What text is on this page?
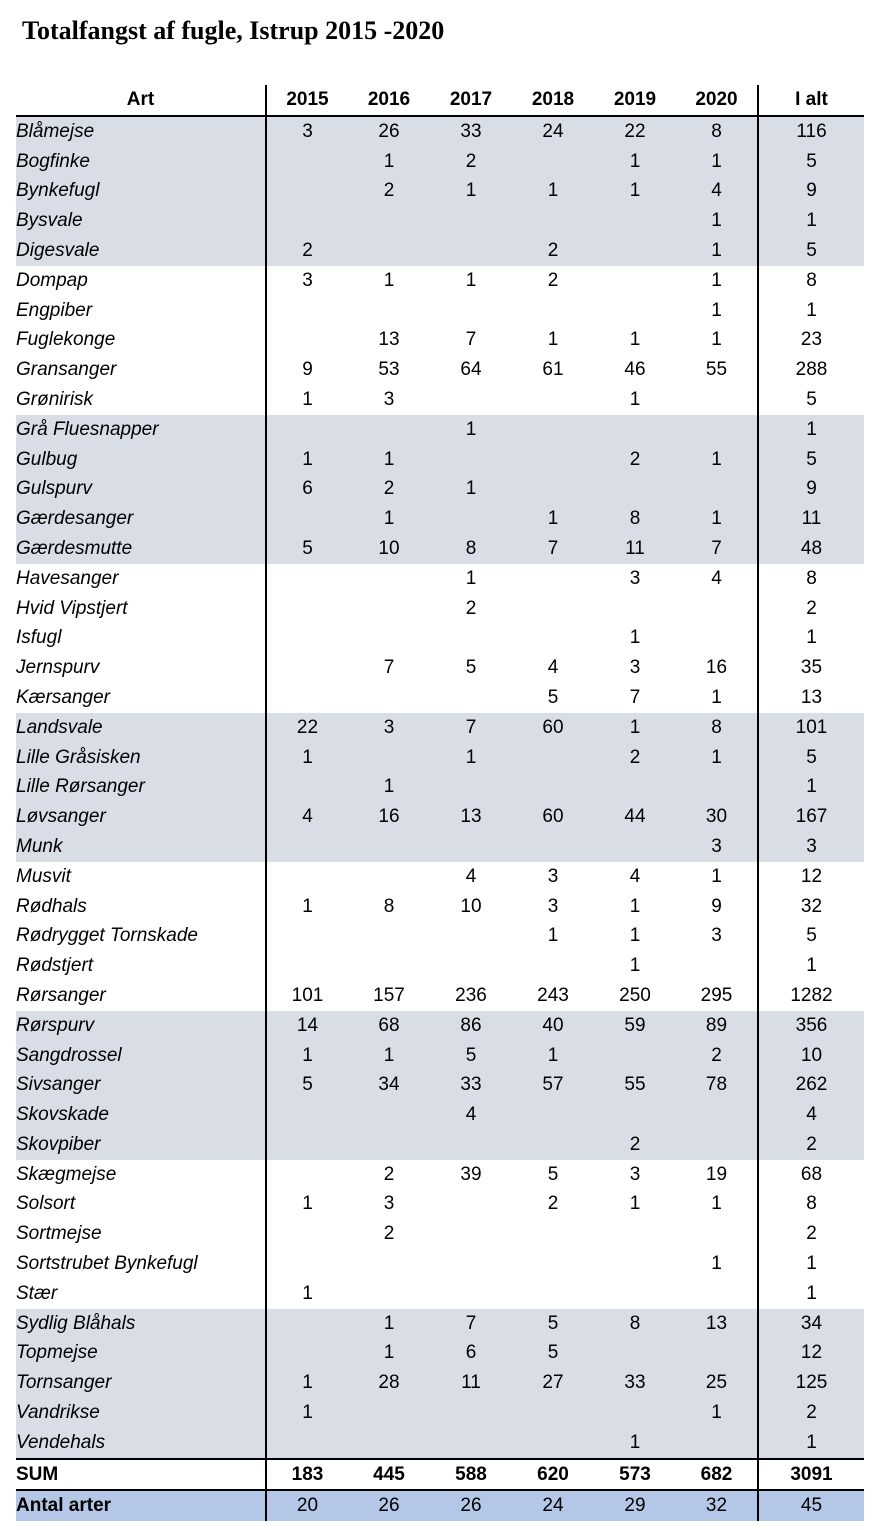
Totalfangst af fugle, Istrup 2015 -2020
Art	2015	2016	2017	2018	2019	2020	I alt
Blåmejse	3	26	33	24	22	8	116
Bogfinke		1	2		1	1	5
Bynkefugl		2	1	1	1	4	9
Bysvale						1	1
Digesvale	2			2		1	5
Dompap	3	1	1	2		1	8
Engpiber						1	1
Fuglekonge		13	7	1	1	1	23
Gransanger	9	53	64	61	46	55	288
Grønirisk	1	3			1		5
Grå Fluesnapper			1				1
Gulbug	1	1			2	1	5
Gulspurv	6	2	1				9
Gærdesanger		1		1	8	1	11
Gærdesmutte	5	10	8	7	11	7	48
Havesanger			1		3	4	8
Hvid Vipstjert			2				2
Isfugl					1		1
Jernspurv		7	5	4	3	16	35
Kærsanger				5	7	1	13
Landsvale	22	3	7	60	1	8	101
Lille Gråsisken	1		1		2	1	5
Lille Rørsanger		1					1
Løvsanger	4	16	13	60	44	30	167
Munk						3	3
Musvit			4	3	4	1	12
Rødhals	1	8	10	3	1	9	32
Rødrygget Tornskade				1	1	3	5
Rødstjert					1		1
Rørsanger	101	157	236	243	250	295	1282
Rørspurv	14	68	86	40	59	89	356
Sangdrossel	1	1	5	1		2	10
Sivsanger	5	34	33	57	55	78	262
Skovskade			4				4
Skovpiber					2		2
Skægmejse		2	39	5	3	19	68
Solsort	1	3		2	1	1	8
Sortmejse		2					2
Sortstrubet Bynkefugl						1	1
Stær	1						1
Sydlig Blåhals		1	7	5	8	13	34
Topmejse		1	6	5			12
Tornsanger	1	28	11	27	33	25	125
Vandrikse	1					1	2
Vendehals					1		1
SUM	183	445	588	620	573	682	3091
Antal arter	20	26	26	24	29	32	45
